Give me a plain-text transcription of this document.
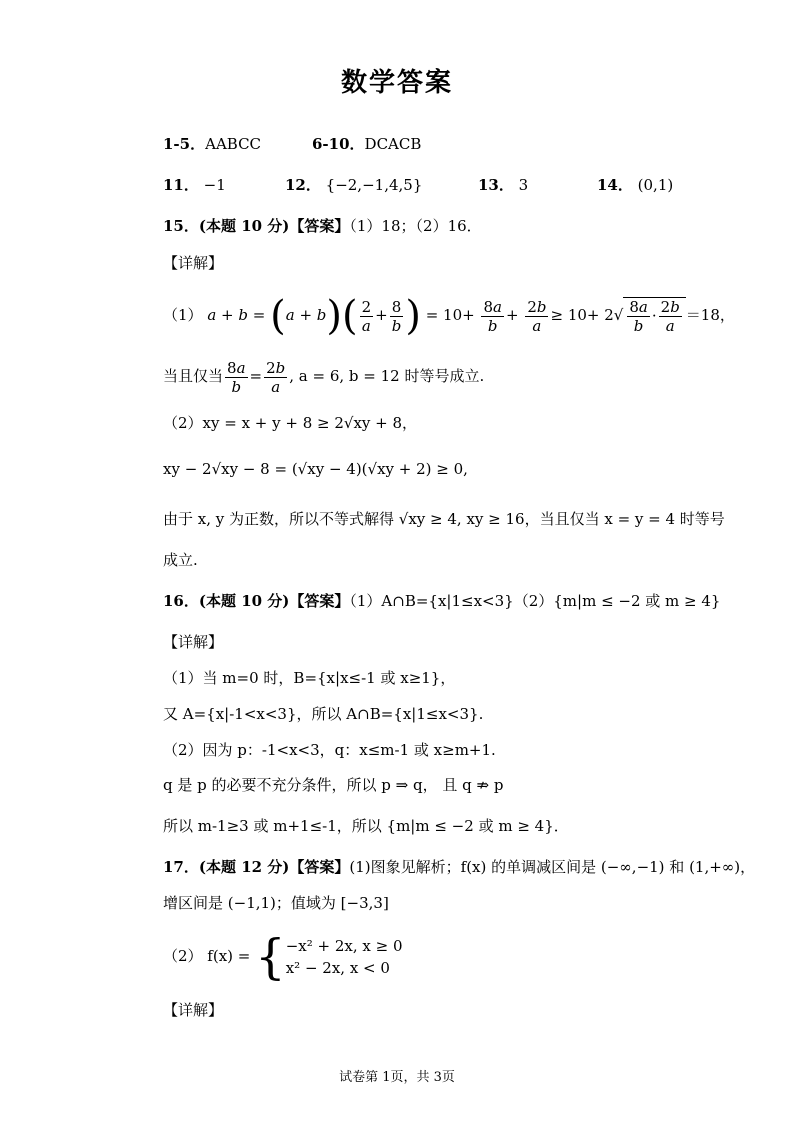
数学答案
1-5．AABCC	6-10．DCACB
11． −1	12． {−2,−1,4,5}	13． 3	14． (0,1)
15．(本题 10 分)【答案】（1）18；（2）16．
【详解】
（1） $a + b = (a + b)( \frac{2}{a} + \frac{8}{b}$ ) = $10+ \frac{8a}{b} + \frac{2b}{a} \ge 10+ 2√ \frac{8a}{b} \cdot \frac{2b}{a} =18$，
当且仅当 $\frac{8a}{b} = \frac{2b}{a}$ , a = 6, b = 12 时等号成立.
（2）xy = x + y + 8 ≥ 2√xy + 8，
xy − 2√xy − 8 = (√xy − 4)(√xy + 2) ≥ 0,
由于 x, y 为正数，所以不等式解得 √xy ≥ 4, xy ≥ 16，当且仅当 x = y = 4 时等号
成立.
16．(本题 10 分)【答案】（1）A∩B={x|1≤x<3}（2）{m|m ≤ −2 或 m ≥ 4}
【详解】
（1）当 m=0 时，B={x|x≤-1 或 x≥1}，
又 A={x|-1<x<3}，所以 A∩B={x|1≤x<3}.
（2）因为 p：-1<x<3，q：x≤m-1 或 x≥m+1.
q 是 p 的必要不充分条件，所以 p ⇒ q， 且 q ⇏ p
所以 m-1≥3 或 m+1≤-1，所以 {m|m ≤ −2 或 m ≥ 4}．
17．(本题 12 分)【答案】(1)图象见解析；f(x) 的单调减区间是 (−∞,−1) 和 (1,+∞)，
增区间是 (−1,1)；值域为 [−3,3]
（2） f(x) = { −x² + 2x, x ≥ 0
x² − 2x, x < 0
【详解】
试卷第 1页，共 3页
